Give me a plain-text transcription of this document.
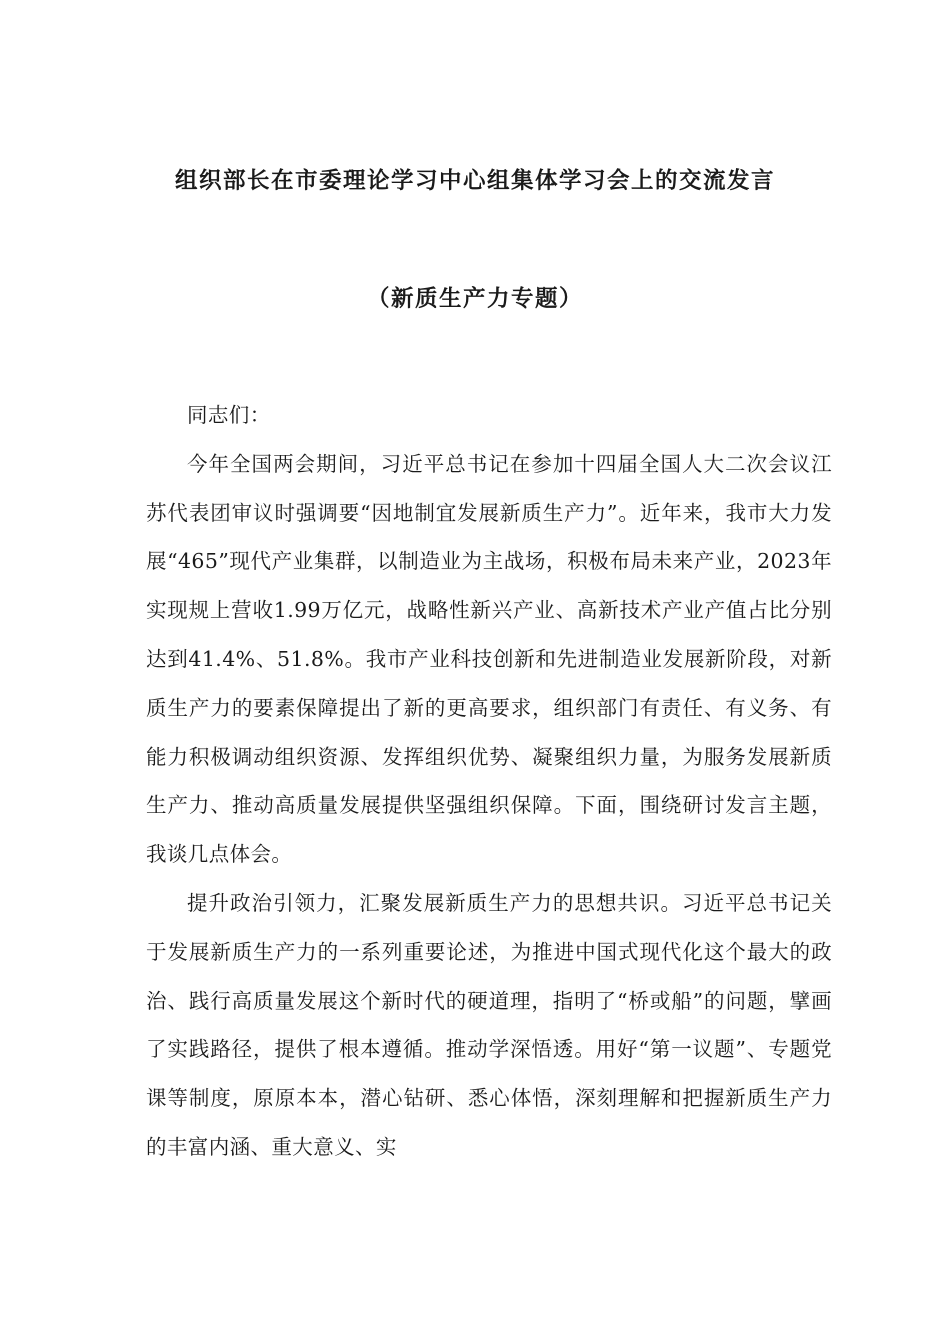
组织部长在市委理论学习中心组集体学习会上的交流发言
（新质生产力专题）

同志们：

今年全国两会期间，习近平总书记在参加十四届全国人大二次会议江苏代表团审议时强调要“因地制宜发展新质生产力”。近年来，我市大力发展“465”现代产业集群，以制造业为主战场，积极布局未来产业，2023年实现规上营收1.99万亿元，战略性新兴产业、高新技术产业产值占比分别达到41.4%、51.8%。我市产业科技创新和先进制造业发展新阶段，对新质生产力的要素保障提出了新的更高要求，组织部门有责任、有义务、有能力积极调动组织资源、发挥组织优势、凝聚组织力量，为服务发展新质生产力、推动高质量发展提供坚强组织保障。下面，围绕研讨发言主题，我谈几点体会。

提升政治引领力，汇聚发展新质生产力的思想共识。习近平总书记关于发展新质生产力的一系列重要论述，为推进中国式现代化这个最大的政治、践行高质量发展这个新时代的硬道理，指明了“桥或船”的问题，擘画了实践路径，提供了根本遵循。推动学深悟透。用好“第一议题”、专题党课等制度，原原本本，潜心钻研、悉心体悟，深刻理解和把握新质生产力的丰富内涵、重大意义、实
